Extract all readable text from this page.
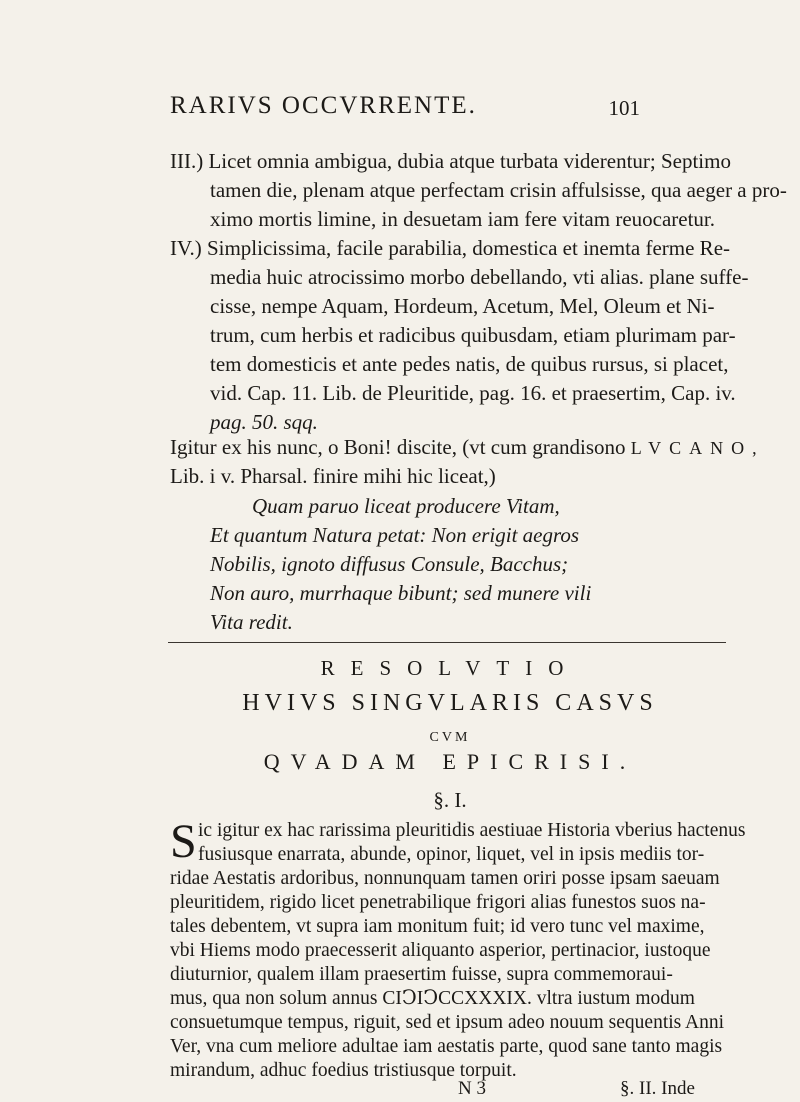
RARIVS OCCVRRENTE.	101
III.) Licet omnia ambigua, dubia atque turbata viderentur; Septimo
tamen die, plenam atque perfectam crisin affulsisse, qua aeger a pro-
ximo mortis limine, in desuetam iam fere vitam reuocaretur.
IV.) Simplicissima, facile parabilia, domestica et inemta ferme Re-
media huic atrocissimo morbo debellando, vti alias. plane suffe-
cisse, nempe Aquam, Hordeum, Acetum, Mel, Oleum et Ni-
trum, cum herbis et radicibus quibusdam, etiam plurimam par-
tem domesticis et ante pedes natis, de quibus rursus, si placet,
vid. Cap. 11. Lib. de Pleuritide, pag. 16. et praesertim, Cap. iv.
pag. 50. sqq.
Igitur ex his nunc, o Boni! discite, (vt cum grandisono LVCANO,
Lib. i v. Pharsal. finire mihi hic liceat,)
Quam paruo liceat producere Vitam,
Et quantum Natura petat: Non erigit aegros
Nobilis, ignoto diffusus Consule, Bacchus;
Non auro, murrhaque bibunt; sed munere vili
Vita redit.
RESOLVTIO
HVIVS SINGVLARIS CASVS
CVM
QVADAM EPICRISI.
§. I.
S ic igitur ex hac rarissima pleuritidis aestiuae Historia vberius hactenus
fusiusque enarrata, abunde, opinor, liquet, vel in ipsis mediis tor-
ridae Aestatis ardoribus, nonnunquam tamen oriri posse ipsam saeuam
pleuritidem, rigido licet penetrabilique frigori alias funestos suos na-
tales debentem, vt supra iam monitum fuit; id vero tunc vel maxime,
vbi Hiems modo praecesserit aliquanto asperior, pertinacior, iustoque
diuturnior, qualem illam praesertim fuisse, supra commemoraui-
mus, qua non solum annus CIↃIↃCCXXXIX. vltra iustum modum
consuetumque tempus, riguit, sed et ipsum adeo nouum sequentis Anni
Ver, vna cum meliore adultae iam aestatis parte, quod sane tanto magis
mirandum, adhuc foedius tristiusque torpuit.
N 3	§. II. Inde
